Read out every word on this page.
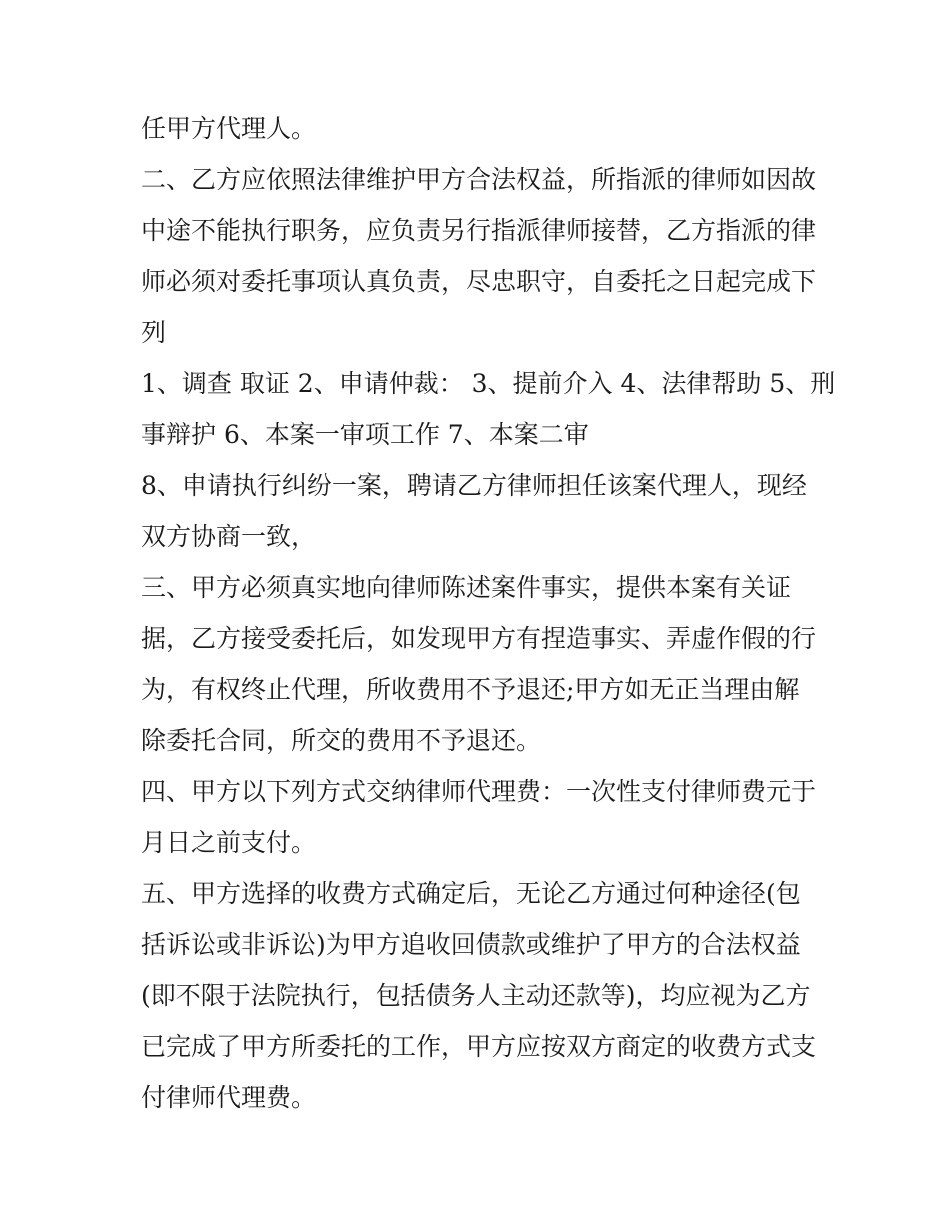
任甲方代理人。
二、乙方应依照法律维护甲方合法权益，所指派的律师如因故
中途不能执行职务，应负责另行指派律师接替，乙方指派的律
师必须对委托事项认真负责，尽忠职守，自委托之日起完成下
列
1、调查 取证 2、申请仲裁： 3、提前介入 4、法律帮助 5、刑
事辩护 6、本案一审项工作 7、本案二审
8、申请执行纠纷一案，聘请乙方律师担任该案代理人，现经
双方协商一致，
三、甲方必须真实地向律师陈述案件事实，提供本案有关证
据，乙方接受委托后，如发现甲方有捏造事实、弄虚作假的行
为，有权终止代理，所收费用不予退还;甲方如无正当理由解
除委托合同，所交的费用不予退还。
四、甲方以下列方式交纳律师代理费：一次性支付律师费元于
月日之前支付。
五、甲方选择的收费方式确定后，无论乙方通过何种途径(包
括诉讼或非诉讼)为甲方追收回债款或维护了甲方的合法权益
(即不限于法院执行，包括债务人主动还款等)，均应视为乙方
已完成了甲方所委托的工作，甲方应按双方商定的收费方式支
付律师代理费。
